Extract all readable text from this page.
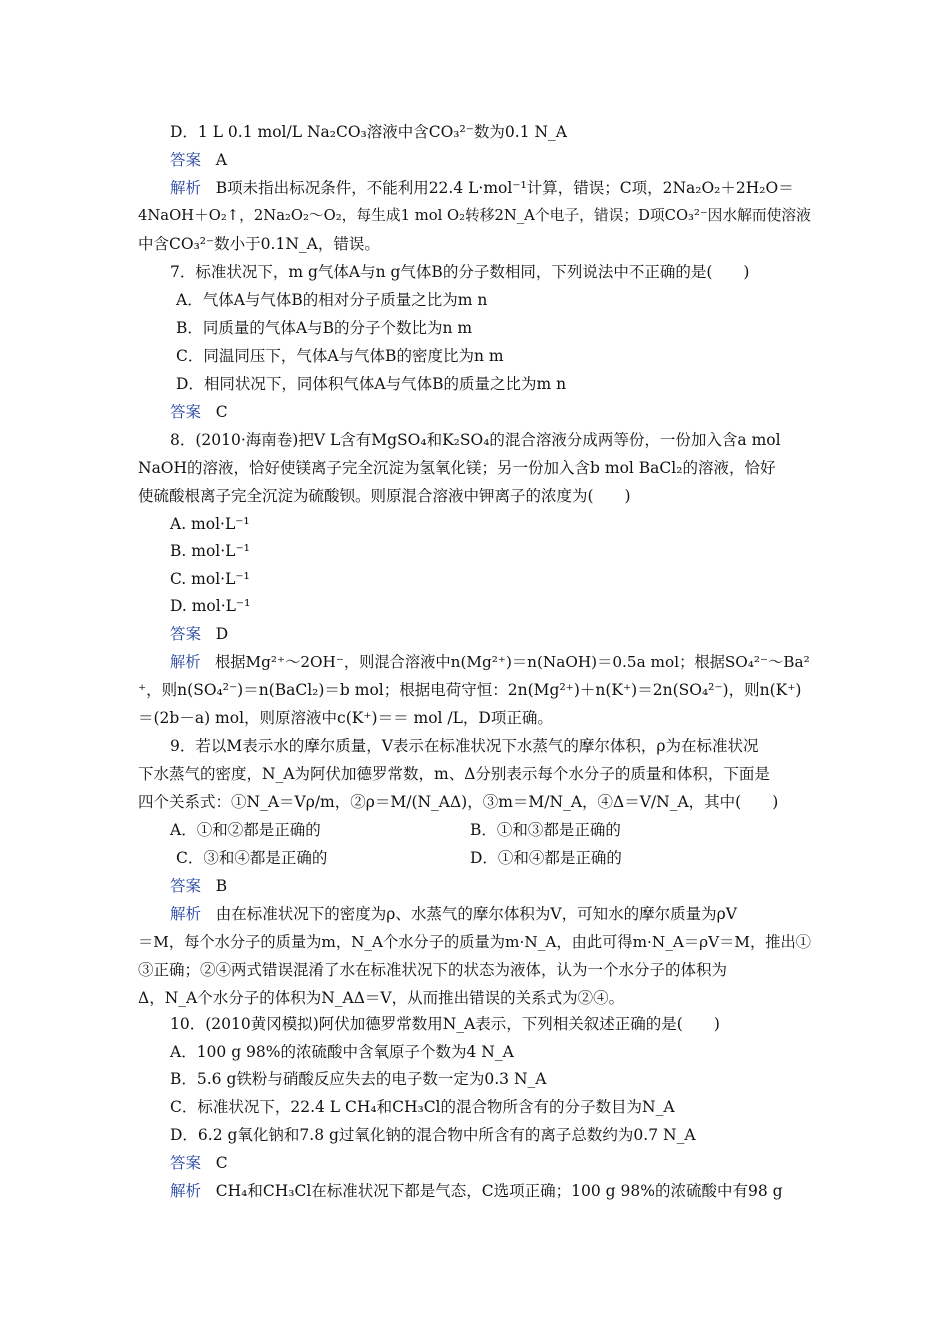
D．1 L 0.1 mol/L Na₂CO₃溶液中含CO₃²⁻数为0.1 N_A
答案 A
解析 B项未指出标况条件，不能利用22.4 L·mol⁻¹计算，错误；C项，2Na₂O₂＋2H₂O＝
4NaOH＋O₂↑，2Na₂O₂～O₂，每生成1 mol O₂转移2N_A个电子，错误；D项CO₃²⁻因水解而使溶液
中含CO₃²⁻数小于0.1N_A，错误。
7．标准状况下，m g气体A与n g气体B的分子数相同，下列说法中不正确的是(　　)
A．气体A与气体B的相对分子质量之比为m n
B．同质量的气体A与B的分子个数比为n m
C．同温同压下，气体A与气体B的密度比为n m
D．相同状况下，同体积气体A与气体B的质量之比为m n
答案 C
8．(2010·海南卷)把V L含有MgSO₄和K₂SO₄的混合溶液分成两等份，一份加入含a mol
NaOH的溶液，恰好使镁离子完全沉淀为氢氧化镁；另一份加入含b mol BaCl₂的溶液，恰好
使硫酸根离子完全沉淀为硫酸钡。则原混合溶液中钾离子的浓度为(　　)
A. mol·L⁻¹
B. mol·L⁻¹
C. mol·L⁻¹
D. mol·L⁻¹
答案 D
解析 根据Mg²⁺～2OH⁻，则混合溶液中n(Mg²⁺)＝n(NaOH)＝0.5a mol；根据SO₄²⁻～Ba²
⁺，则n(SO₄²⁻)＝n(BaCl₂)＝b mol；根据电荷守恒：2n(Mg²⁺)＋n(K⁺)＝2n(SO₄²⁻)，则n(K⁺)
＝(2b－a) mol，则原溶液中c(K⁺)＝＝ mol /L，D项正确。
9．若以M表示水的摩尔质量，V表示在标准状况下水蒸气的摩尔体积，ρ为在标准状况
下水蒸气的密度，N_A为阿伏加德罗常数，m、Δ分别表示每个水分子的质量和体积，下面是
四个关系式：①N_A＝Vρ/m，②ρ＝M/(N_AΔ)，③m＝M/N_A，④Δ＝V/N_A，其中(　　)
A．①和②都是正确的	B．①和③都是正确的
C．③和④都是正确的	D．①和④都是正确的
答案 B
解析 由在标准状况下的密度为ρ、水蒸气的摩尔体积为V，可知水的摩尔质量为ρV
＝M，每个水分子的质量为m，N_A个水分子的质量为m·N_A，由此可得m·N_A＝ρV＝M，推出①
③正确；②④两式错误混淆了水在标准状况下的状态为液体，认为一个水分子的体积为
Δ，N_A个水分子的体积为N_AΔ＝V，从而推出错误的关系式为②④。
10．(2010黄冈模拟)阿伏加德罗常数用N_A表示，下列相关叙述正确的是(　　)
A．100 g 98%的浓硫酸中含氧原子个数为4 N_A
B．5.6 g铁粉与硝酸反应失去的电子数一定为0.3 N_A
C．标准状况下，22.4 L CH₄和CH₃Cl的混合物所含有的分子数目为N_A
D．6.2 g氧化钠和7.8 g过氧化钠的混合物中所含有的离子总数约为0.7 N_A
答案 C
解析 CH₄和CH₃Cl在标准状况下都是气态，C选项正确；100 g 98%的浓硫酸中有98 g
